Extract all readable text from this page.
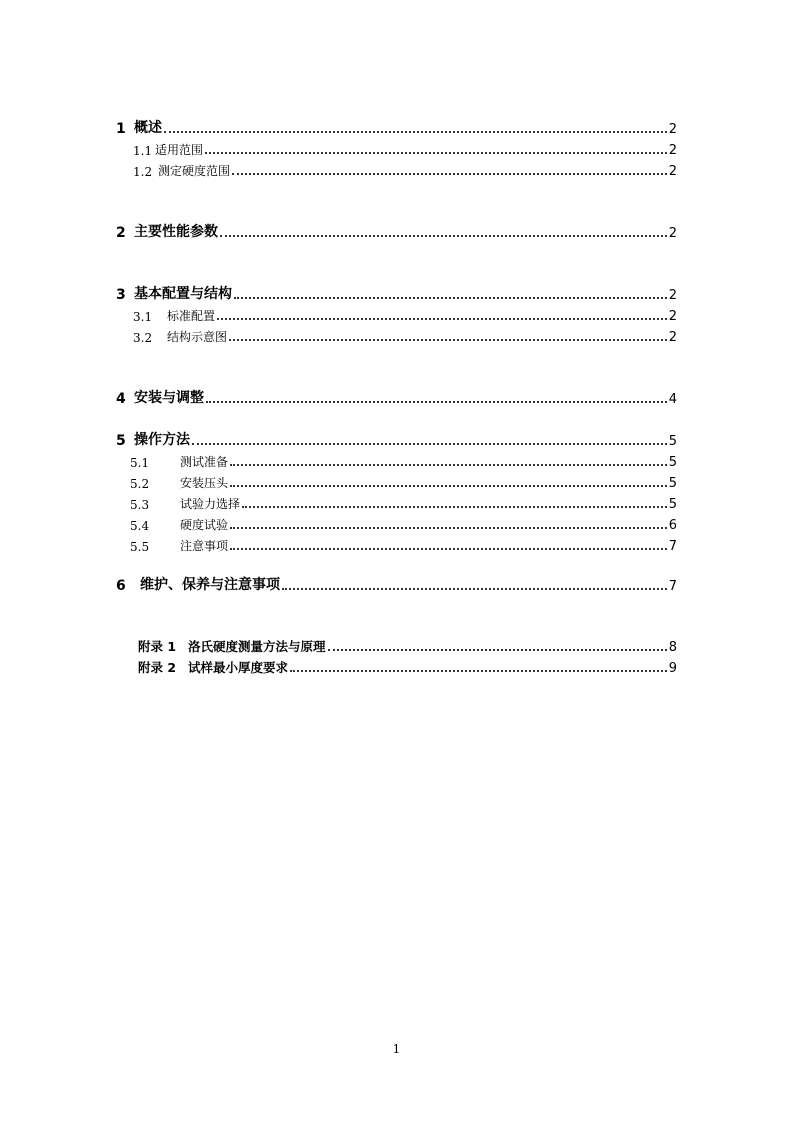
1 概述	2
1.1 适用范围	2
1.2 测定硬度范围	2
2 主要性能参数	2
3 基本配置与结构	2
3.1	标准配置	2
3.2	结构示意图	2
4 安装与调整	4
5 操作方法	5
5.1	测试准备	5
5.2	安装压头	5
5.3	试验力选择	5
5.4	硬度试验	6
5.5	注意事项	7
6	维护、保养与注意事项	7
附录 1 洛氏硬度测量方法与原理	8
附录 2 试样最小厚度要求	9
1
